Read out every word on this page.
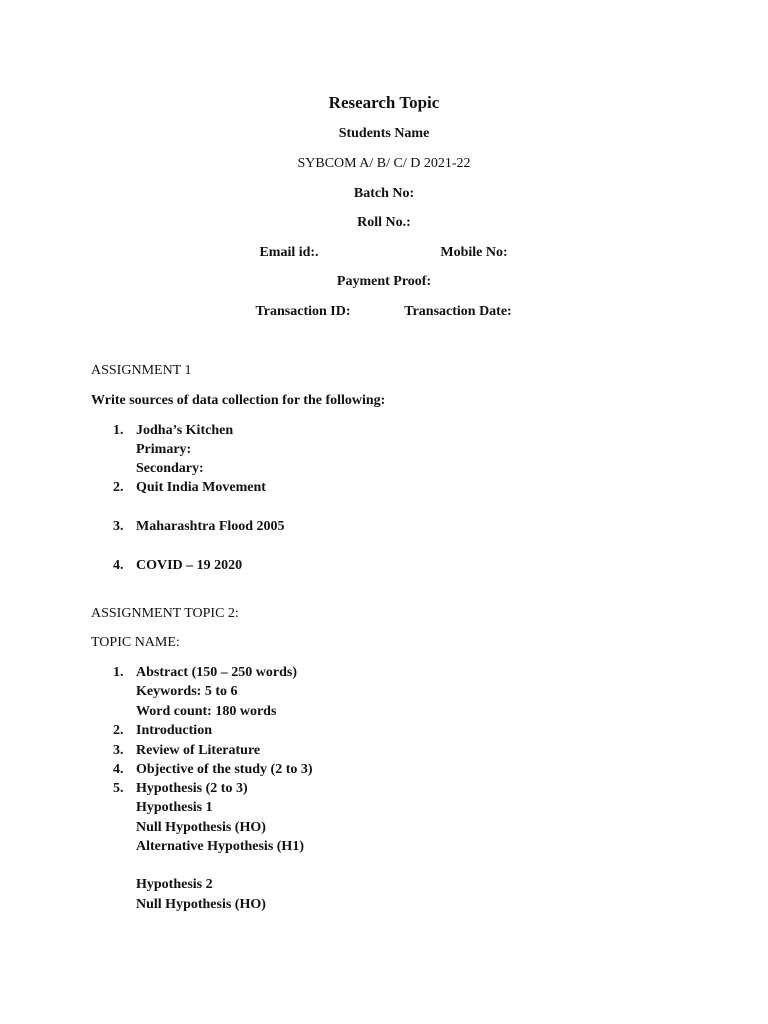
Research Topic
Students Name
SYBCOM A/ B/ C/ D 2021-22
Batch No:
Roll No.:
Email id:.	Mobile No:
Payment Proof:
Transaction ID:	Transaction Date:
ASSIGNMENT 1
Write sources of data collection for the following:
1. Jodha’s Kitchen
Primary:
Secondary:
2. Quit India Movement
3. Maharashtra Flood 2005
4. COVID – 19 2020
ASSIGNMENT TOPIC 2:
TOPIC NAME:
1. Abstract (150 – 250 words)
Keywords: 5 to 6
Word count: 180 words
2. Introduction
3. Review of Literature
4. Objective of the study (2 to 3)
5. Hypothesis (2 to 3)
Hypothesis 1
Null Hypothesis (HO)
Alternative Hypothesis (H1)
Hypothesis 2
Null Hypothesis (HO)
